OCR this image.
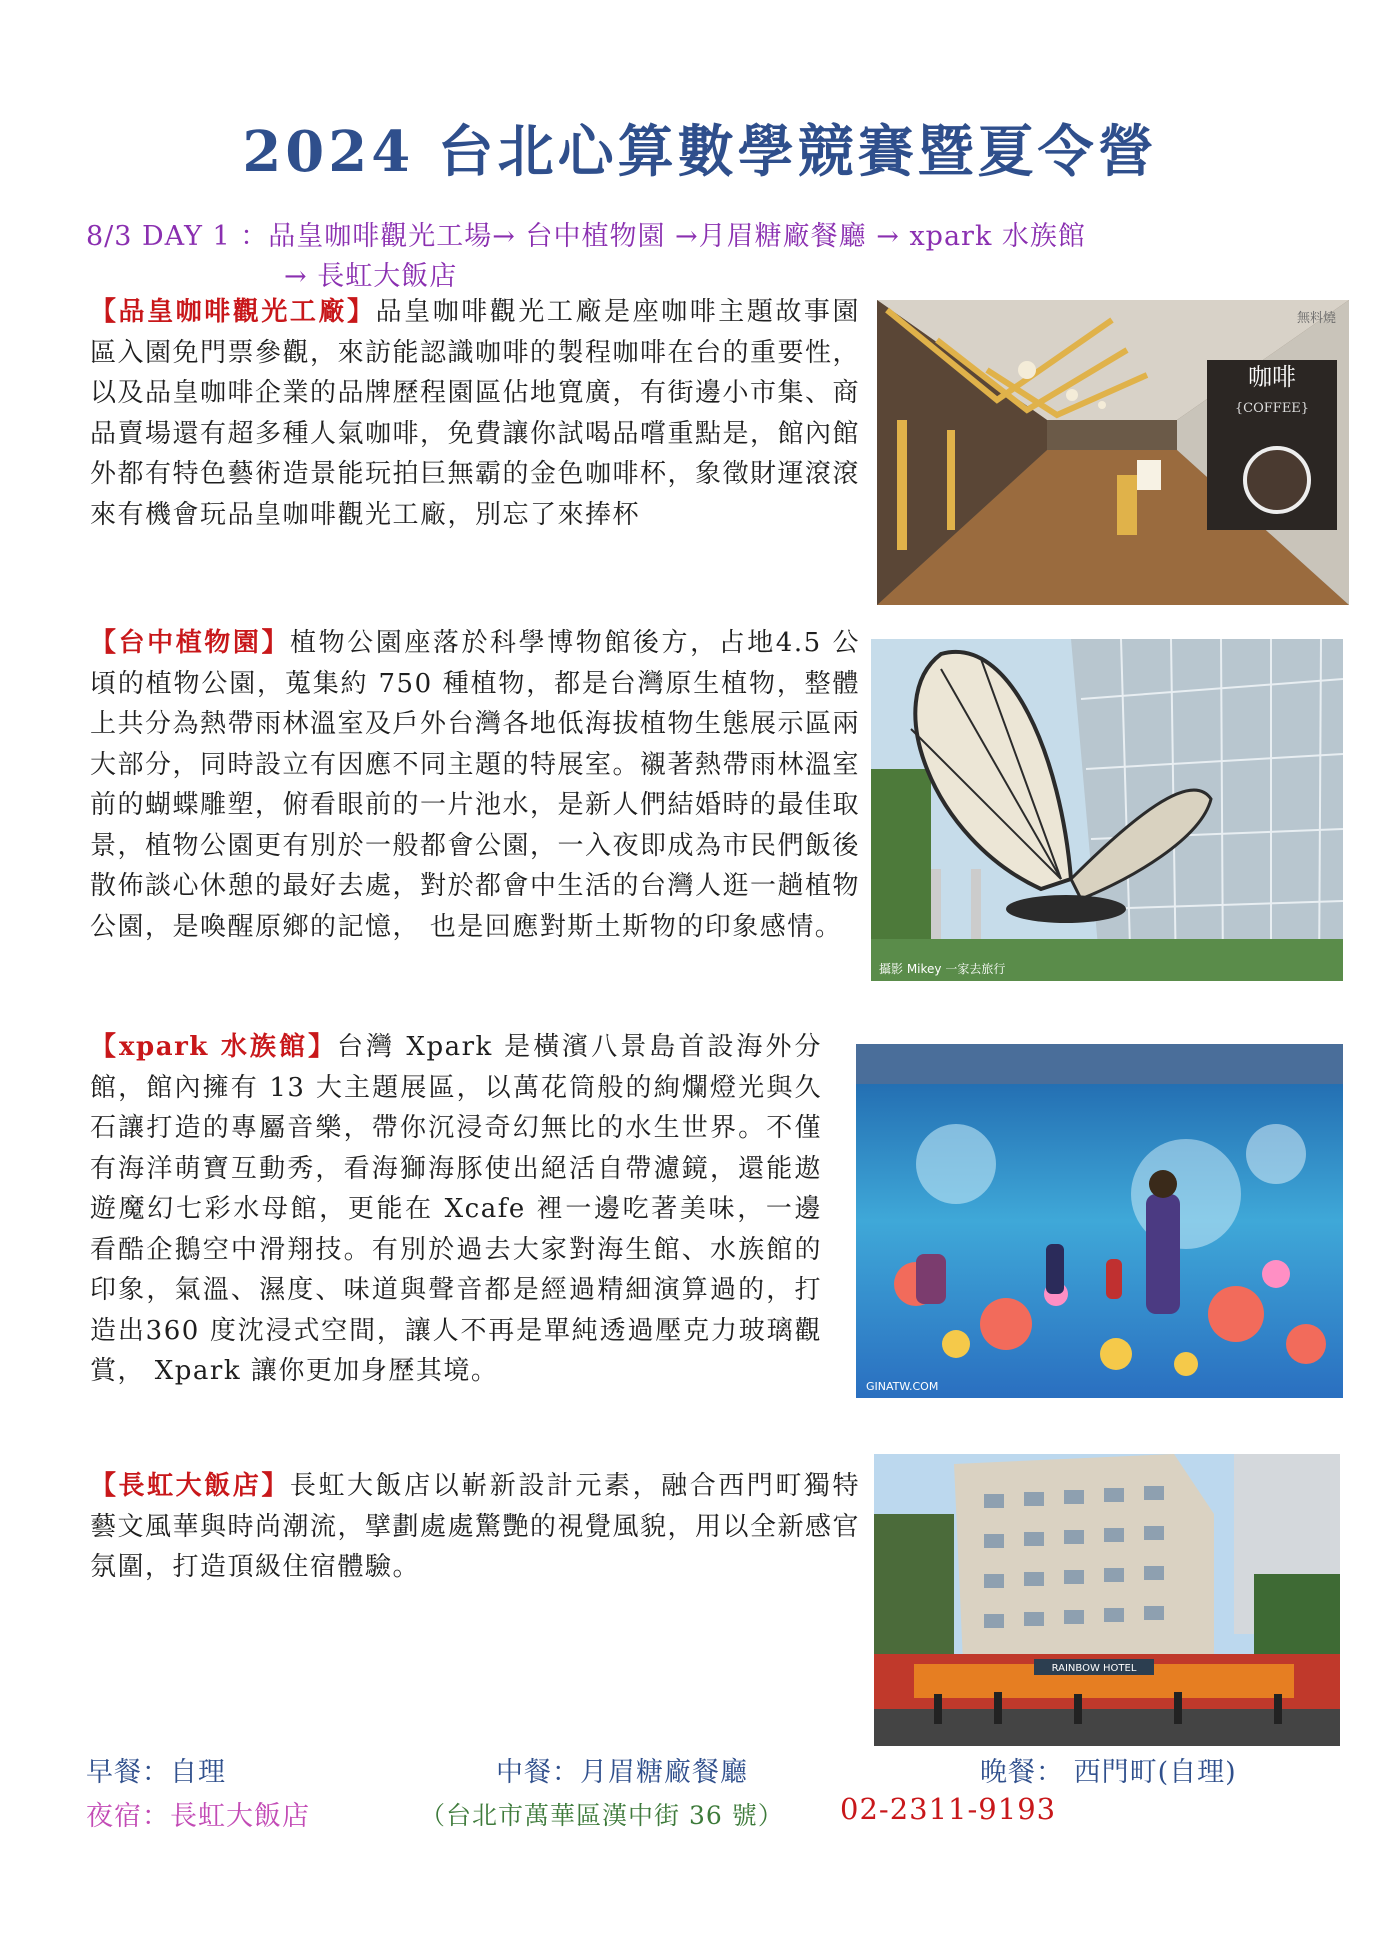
2024 台北心算數學競賽暨夏令營
8/3 DAY 1 ：品皇咖啡觀光工場→ 台中植物園 →月眉糖廠餐廳 → xpark 水族館
→ 長虹大飯店

【品皇咖啡觀光工廠】品皇咖啡觀光工廠是座咖啡主題故事園區入園免門票參觀，來訪能認識咖啡的製程咖啡在台的重要性，以及品皇咖啡企業的品牌歷程園區佔地寬廣，有街邊小市集、商品賣場還有超多種人氣咖啡，免費讓你試喝品嚐重點是，館內館外都有特色藝術造景能玩拍巨無霸的金色咖啡杯，象徵財運滾滾來有機會玩品皇咖啡觀光工廠，別忘了來捧杯

【台中植物園】植物公園座落於科學博物館後方，占地4.5 公頃的植物公園，蒐集約 750 種植物，都是台灣原生植物，整體上共分為熱帶雨林溫室及戶外台灣各地低海拔植物生態展示區兩大部分，同時設立有因應不同主題的特展室。襯著熱帶雨林溫室前的蝴蝶雕塑，俯看眼前的一片池水，是新人們結婚時的最佳取景，植物公園更有別於一般都會公園，一入夜即成為市民們飯後散佈談心休憩的最好去處，對於都會中生活的台灣人逛一趟植物公園，是喚醒原鄉的記憶， 也是回應對斯土斯物的印象感情。

【xpark 水族館】台灣 Xpark 是橫濱八景島首設海外分館，館內擁有 13 大主題展區，以萬花筒般的絢爛燈光與久石讓打造的專屬音樂，帶你沉浸奇幻無比的水生世界。不僅有海洋萌寶互動秀，看海獅海豚使出絕活自帶濾鏡，還能遨遊魔幻七彩水母館，更能在 Xcafe 裡一邊吃著美味，一邊看酷企鵝空中滑翔技。有別於過去大家對海生館、水族館的印象，氣溫、濕度、味道與聲音都是經過精細演算過的，打造出360 度沈浸式空間，讓人不再是單純透過壓克力玻璃觀賞， Xpark 讓你更加身歷其境。

【長虹大飯店】長虹大飯店以嶄新設計元素，融合西門町獨特藝文風華與時尚潮流，擘劃處處驚艷的視覺風貌，用以全新感官氛圍，打造頂級住宿體驗。

咖啡
{COFFEE}
無料燒
攝影 Mikey 一家去旅行
GINATW.COM
RAINBOW HOTEL
早餐：自理	中餐：月眉糖廠餐廳	晚餐： 西門町(自理)
夜宿：長虹大飯店	（台北市萬華區漢中街 36 號） 02-2311-9193
